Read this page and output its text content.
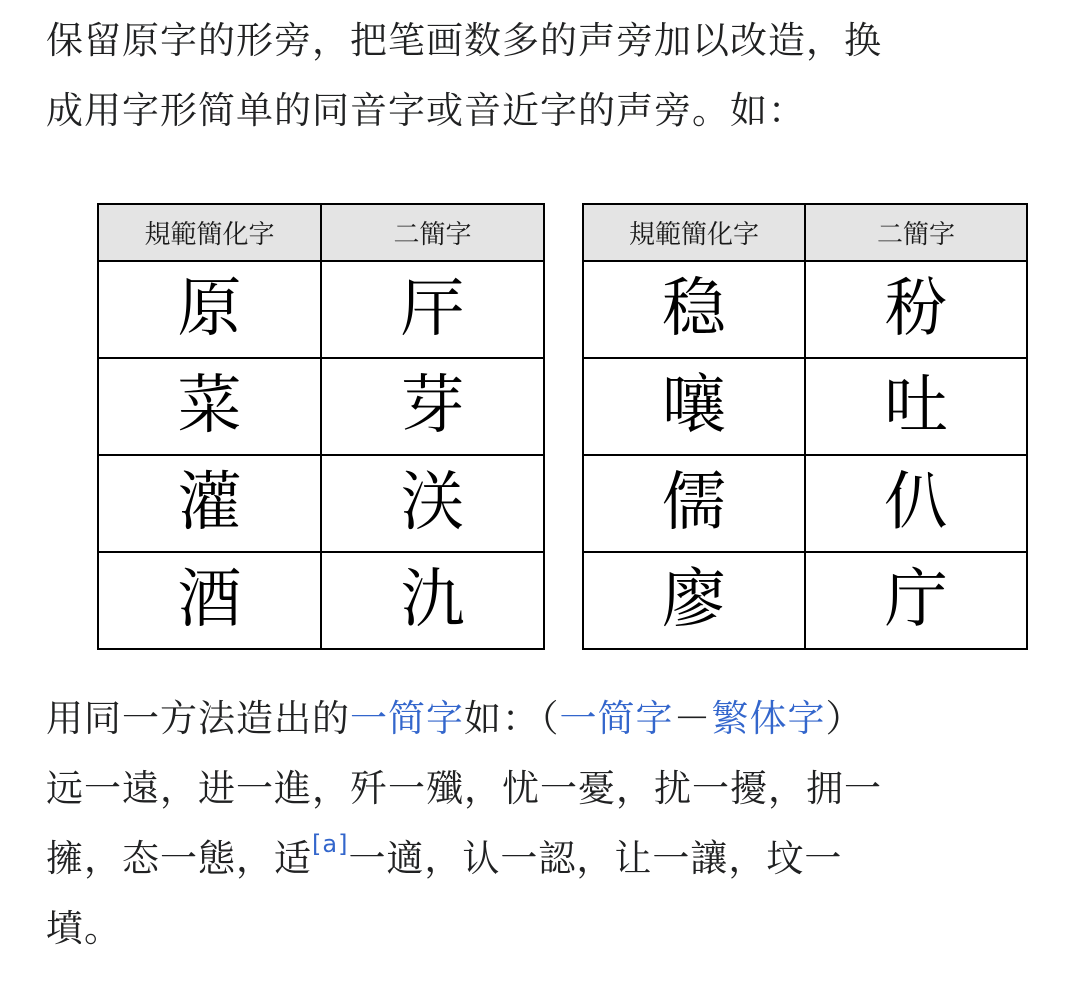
保留原字的形旁，把笔画数多的声旁加以改造，换
成用字形简单的同音字或音近字的声旁。如：

規範簡化字	二簡字
原	厈
菜	芽
灌	浂
酒	氿
規範簡化字	二簡字
稳	秎
嚷	吐
儒	仈
廖	庁

用同一方法造出的一简字如：（一简字－繁体字）
远一遠，进一進，歼一殲，忧一憂，扰一擾，拥一
擁，态一態，适[a]一適，认一認，让一讓，坟一
墳。
